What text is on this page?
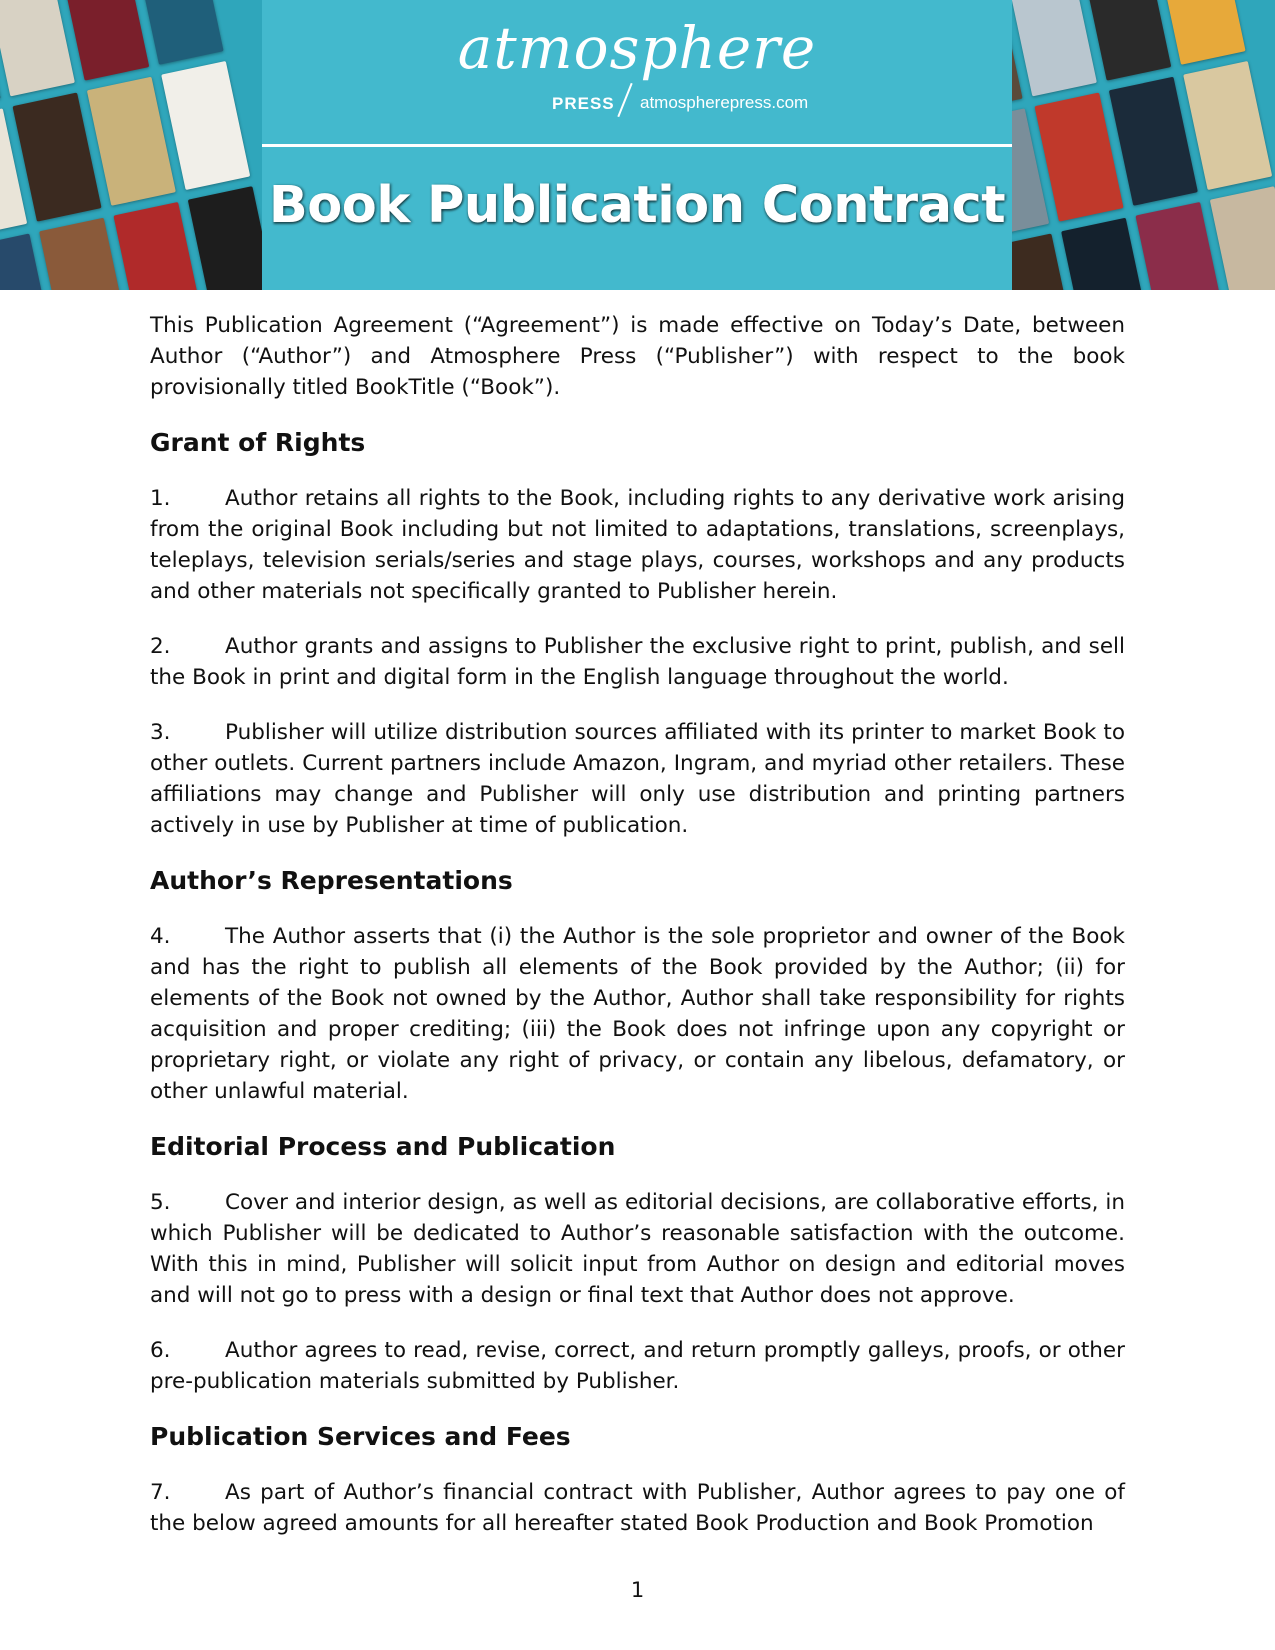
atmosphere
PRESS atmospherepress.com
Book Publication Contract

This Publication Agreement (“Agreement”) is made effective on Today’s Date, between Author (“Author”) and Atmosphere Press (“Publisher”) with respect to the book provisionally titled BookTitle (“Book”).

Grant of Rights

1.	Author retains all rights to the Book, including rights to any derivative work arising from the original Book including but not limited to adaptations, translations, screenplays, teleplays, television serials/series and stage plays, courses, workshops and any products and other materials not specifically granted to Publisher herein.

2.	Author grants and assigns to Publisher the exclusive right to print, publish, and sell the Book in print and digital form in the English language throughout the world.

3.	Publisher will utilize distribution sources affiliated with its printer to market Book to other outlets. Current partners include Amazon, Ingram, and myriad other retailers. These affiliations may change and Publisher will only use distribution and printing partners actively in use by Publisher at time of publication.

Author’s Representations

4.	The Author asserts that (i) the Author is the sole proprietor and owner of the Book and has the right to publish all elements of the Book provided by the Author; (ii) for elements of the Book not owned by the Author, Author shall take responsibility for rights acquisition and proper crediting; (iii) the Book does not infringe upon any copyright or proprietary right, or violate any right of privacy, or contain any libelous, defamatory, or other unlawful material.

Editorial Process and Publication

5.	Cover and interior design, as well as editorial decisions, are collaborative efforts, in which Publisher will be dedicated to Author’s reasonable satisfaction with the outcome. With this in mind, Publisher will solicit input from Author on design and editorial moves and will not go to press with a design or final text that Author does not approve.

6.	Author agrees to read, revise, correct, and return promptly galleys, proofs, or other pre-publication materials submitted by Publisher.

Publication Services and Fees

7.	As part of Author’s financial contract with Publisher, Author agrees to pay one of the below agreed amounts for all hereafter stated Book Production and Book Promotion

1
